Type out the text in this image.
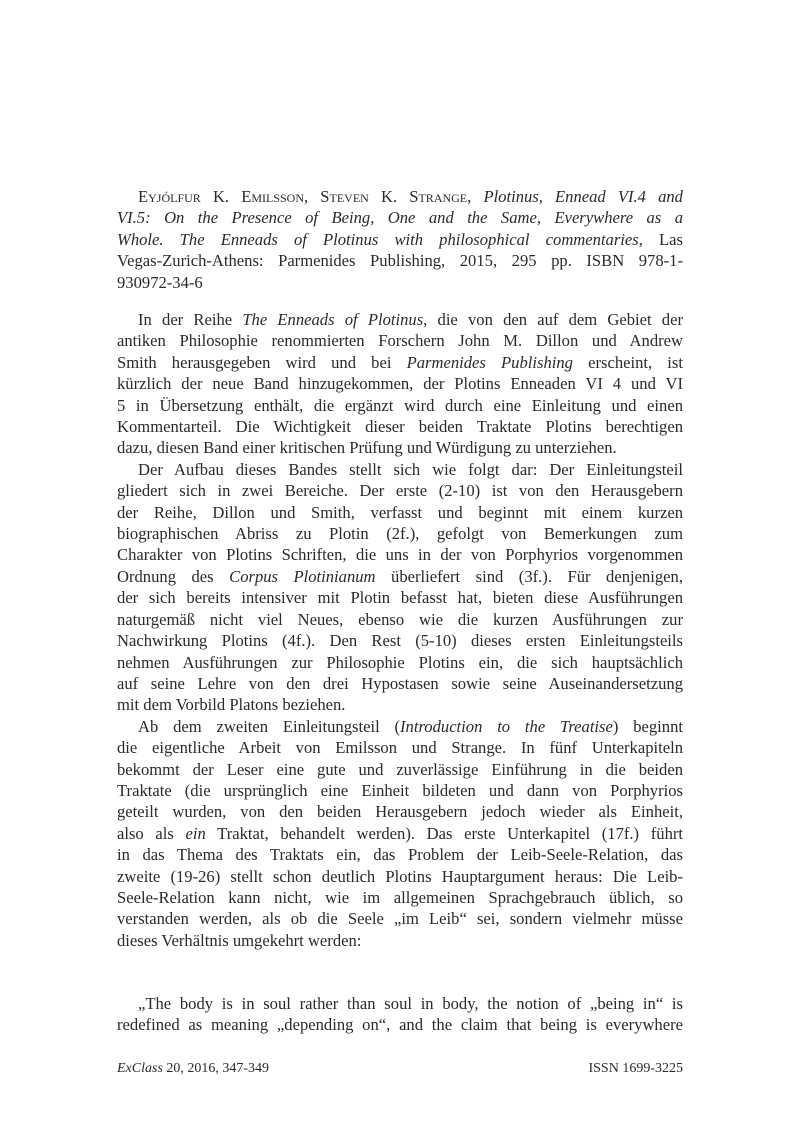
Eyjólfur K. Emilsson, Steven K. Strange, Plotinus, Ennead VI.4 and
VI.5: On the Presence of Being, One and the Same, Everywhere as a
Whole. The Enneads of Plotinus with philosophical commentaries, Las
Vegas-Zurich-Athens: Parmenides Publishing, 2015, 295 pp. ISBN 978-1-
930972-34-6
In der Reihe The Enneads of Plotinus, die von den auf dem Gebiet der
antiken Philosophie renommierten Forschern John M. Dillon und Andrew
Smith herausgegeben wird und bei Parmenides Publishing erscheint, ist
kürzlich der neue Band hinzugekommen, der Plotins Enneaden VI 4 und VI
5 in Übersetzung enthält, die ergänzt wird durch eine Einleitung und einen
Kommentarteil. Die Wichtigkeit dieser beiden Traktate Plotins berechtigen
dazu, diesen Band einer kritischen Prüfung und Würdigung zu unterziehen.
Der Aufbau dieses Bandes stellt sich wie folgt dar: Der Einleitungsteil
gliedert sich in zwei Bereiche. Der erste (2-10) ist von den Herausgebern
der Reihe, Dillon und Smith, verfasst und beginnt mit einem kurzen
biographischen Abriss zu Plotin (2f.), gefolgt von Bemerkungen zum
Charakter von Plotins Schriften, die uns in der von Porphyrios vorgenommen
Ordnung des Corpus Plotinianum überliefert sind (3f.). Für denjenigen,
der sich bereits intensiver mit Plotin befasst hat, bieten diese Ausführungen
naturgemäß nicht viel Neues, ebenso wie die kurzen Ausführungen zur
Nachwirkung Plotins (4f.). Den Rest (5-10) dieses ersten Einleitungsteils
nehmen Ausführungen zur Philosophie Plotins ein, die sich hauptsächlich
auf seine Lehre von den drei Hypostasen sowie seine Auseinandersetzung
mit dem Vorbild Platons beziehen.
Ab dem zweiten Einleitungsteil (Introduction to the Treatise) beginnt
die eigentliche Arbeit von Emilsson und Strange. In fünf Unterkapiteln
bekommt der Leser eine gute und zuverlässige Einführung in die beiden
Traktate (die ursprünglich eine Einheit bildeten und dann von Porphyrios
geteilt wurden, von den beiden Herausgebern jedoch wieder als Einheit,
also als ein Traktat, behandelt werden). Das erste Unterkapitel (17f.) führt
in das Thema des Traktats ein, das Problem der Leib-Seele-Relation, das
zweite (19-26) stellt schon deutlich Plotins Hauptargument heraus: Die Leib-
Seele-Relation kann nicht, wie im allgemeinen Sprachgebrauch üblich, so
verstanden werden, als ob die Seele „im Leib“ sei, sondern vielmehr müsse
dieses Verhältnis umgekehrt werden:
„The body is in soul rather than soul in body, the notion of „being in“ is
redefined as meaning „depending on“, and the claim that being is everywhere
ExClass 20, 2016, 347-349	ISSN 1699-3225
